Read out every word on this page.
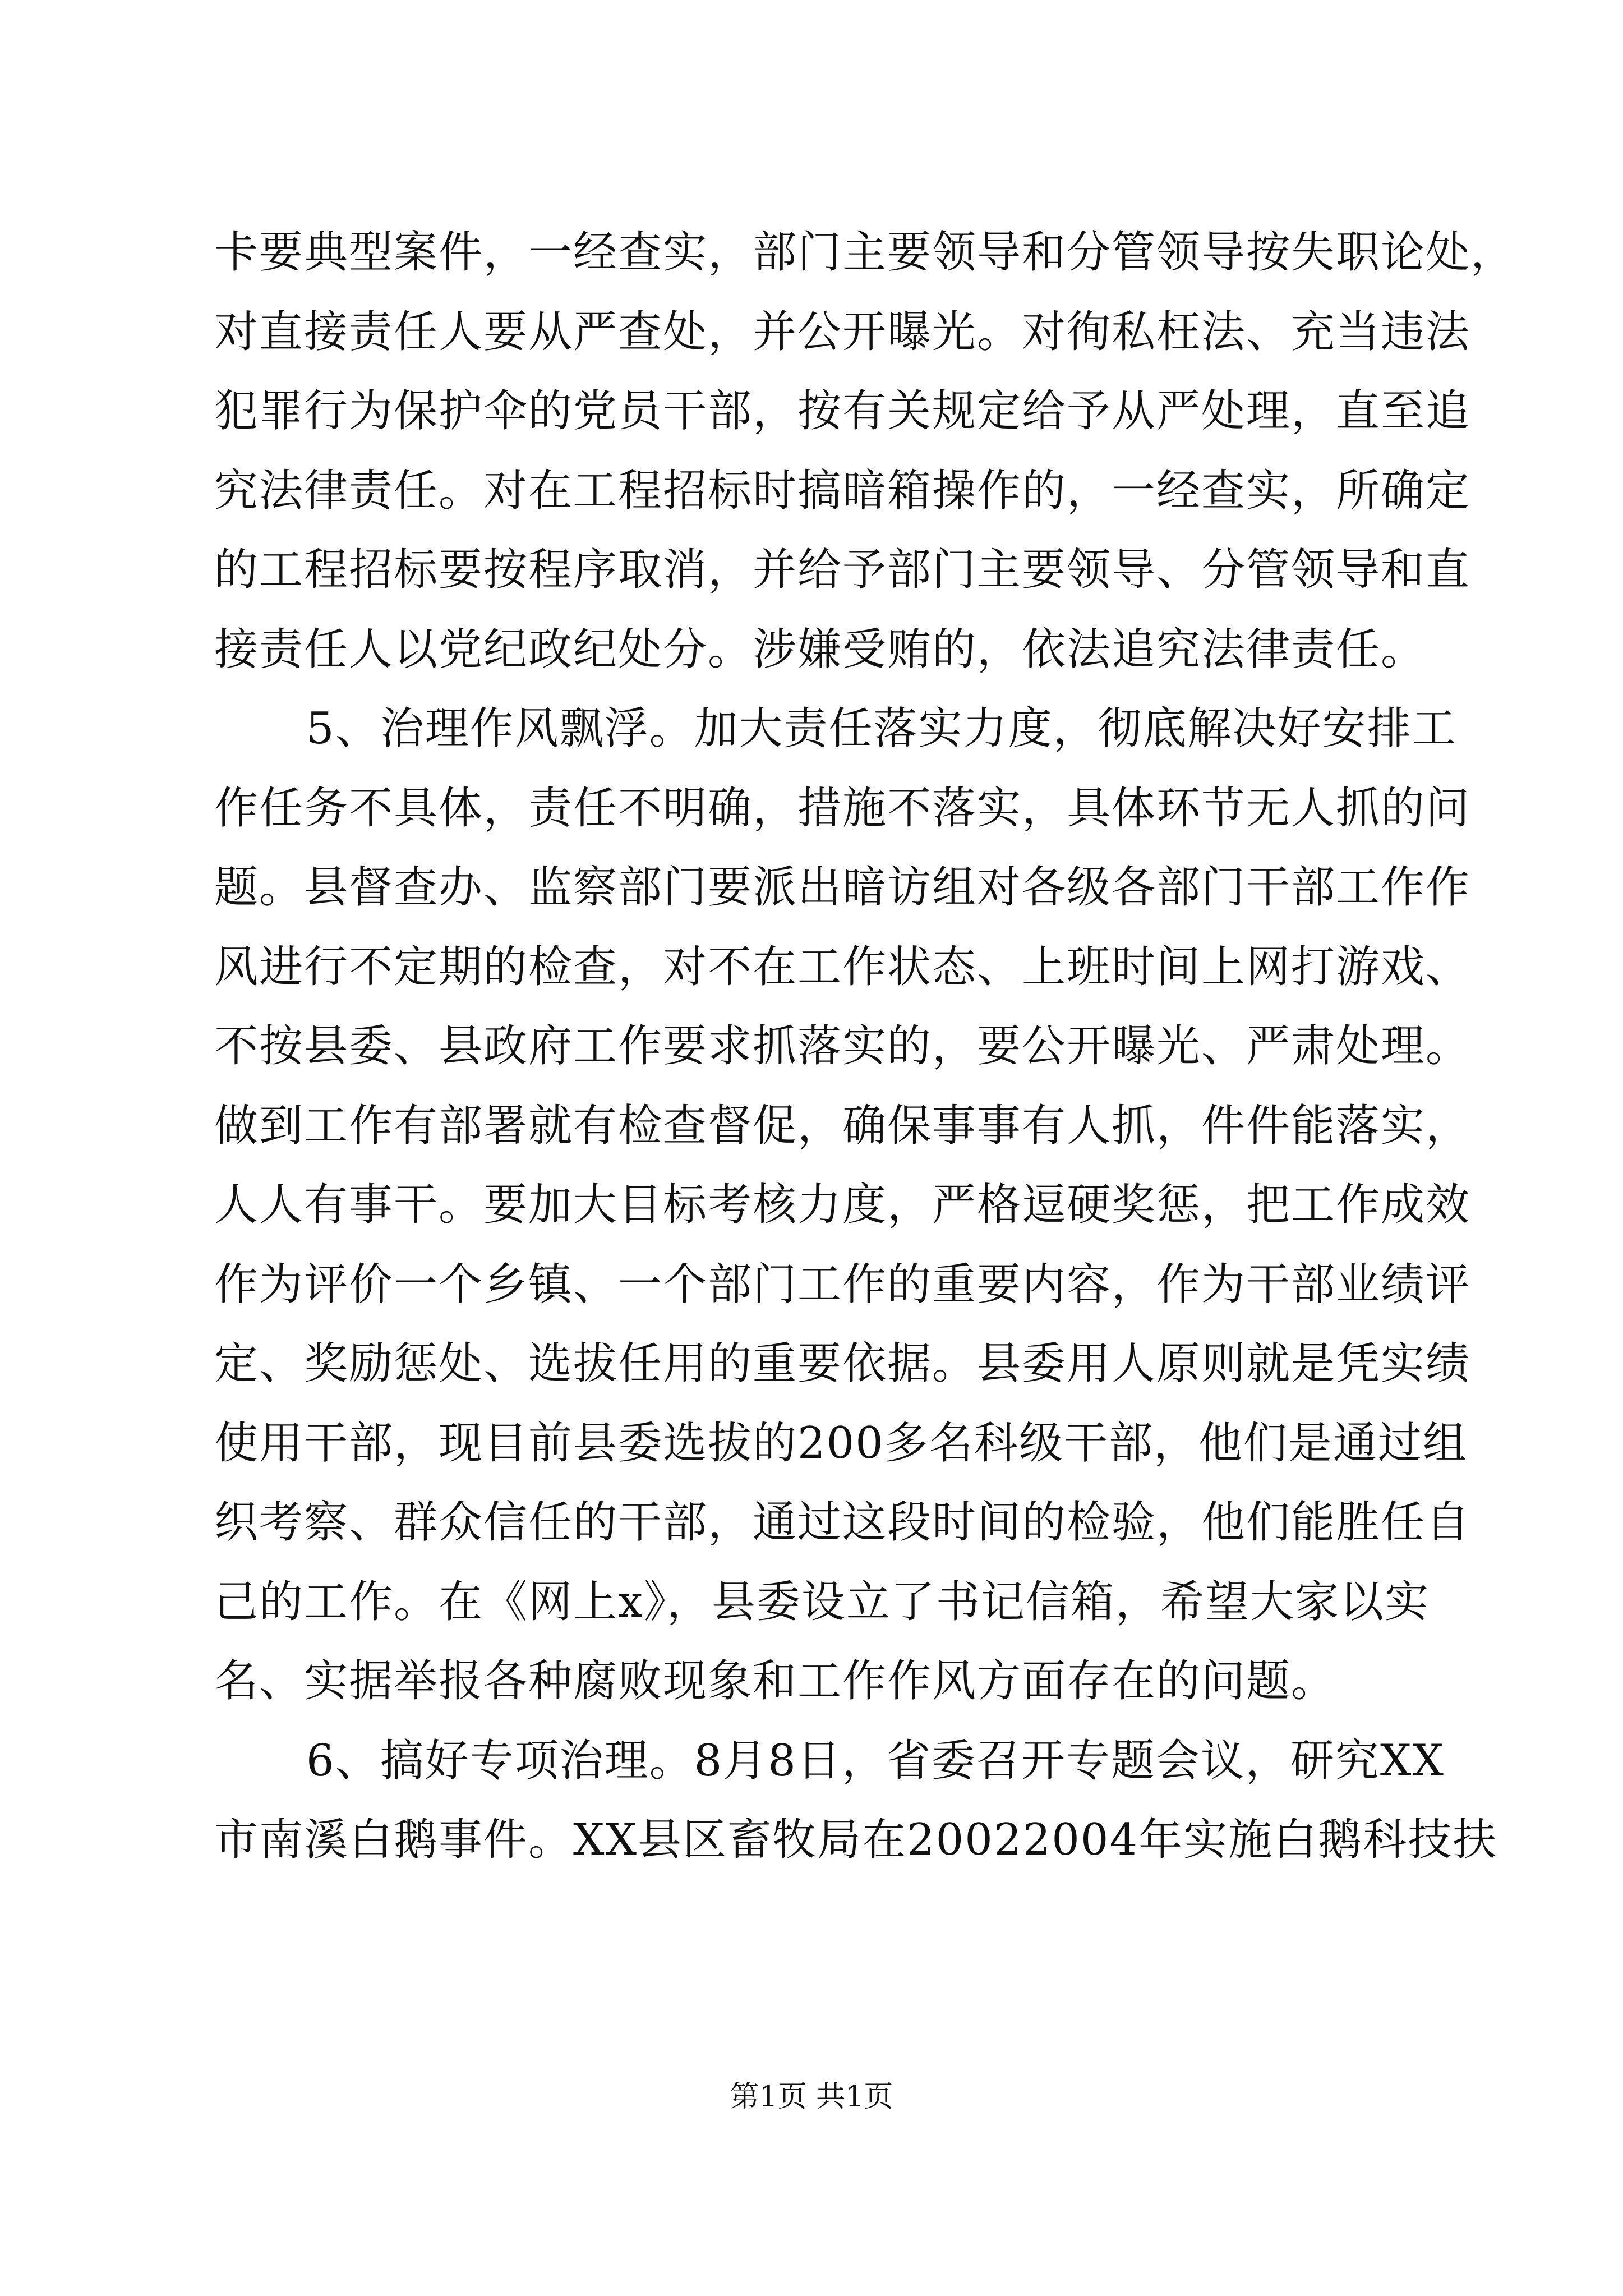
卡要典型案件，一经查实，部门主要领导和分管领导按失职论处，
对直接责任人要从严查处，并公开曝光。对徇私枉法、充当违法
犯罪行为保护伞的党员干部，按有关规定给予从严处理，直至追
究法律责任。对在工程招标时搞暗箱操作的，一经查实，所确定
的工程招标要按程序取消，并给予部门主要领导、分管领导和直
接责任人以党纪政纪处分。涉嫌受贿的，依法追究法律责任。
5、治理作风飘浮。加大责任落实力度，彻底解决好安排工
作任务不具体，责任不明确，措施不落实，具体环节无人抓的问
题。县督查办、监察部门要派出暗访组对各级各部门干部工作作
风进行不定期的检查，对不在工作状态、上班时间上网打游戏、
不按县委、县政府工作要求抓落实的，要公开曝光、严肃处理。
做到工作有部署就有检查督促，确保事事有人抓，件件能落实，
人人有事干。要加大目标考核力度，严格逗硬奖惩，把工作成效
作为评价一个乡镇、一个部门工作的重要内容，作为干部业绩评
定、奖励惩处、选拔任用的重要依据。县委用人原则就是凭实绩
使用干部，现目前县委选拔的200多名科级干部，他们是通过组
织考察、群众信任的干部，通过这段时间的检验，他们能胜任自
己的工作。在《网上x》，县委设立了书记信箱，希望大家以实
名、实据举报各种腐败现象和工作作风方面存在的问题。
6、搞好专项治理。8月8日，省委召开专题会议，研究XX
市南溪白鹅事件。XX县区畜牧局在20022004年实施白鹅科技扶
第1页 共1页
